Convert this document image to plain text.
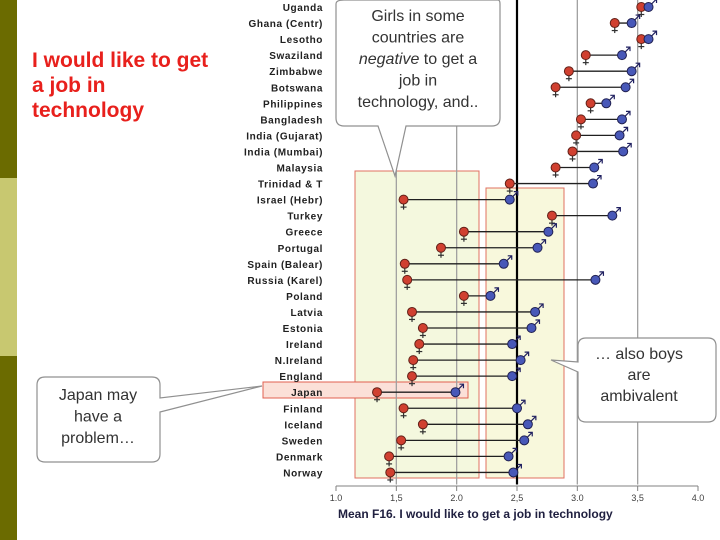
I would like to get a job in technology
1.0	1,5	2.0	2,5	3.0	3,5	4.0
Mean F16. I would like to get a job in technology
Uganda
Ghana (Centr)
Lesotho
Swaziland
Zimbabwe
Botswana
Philippines
Bangladesh
India (Gujarat)
India (Mumbai)
Malaysia
Trinidad & T
Israel (Hebr)
Turkey
Greece
Portugal
Spain (Balear)
Russia (Karel)
Poland
Latvia
Estonia
Ireland
N.Ireland
England
Japan
Finland
Iceland
Sweden
Denmark
Norway
Girls in some
countries are
negative to get a
job in
technology, and..
… also boys
are
ambivalent
Japan may
have a
problem…
